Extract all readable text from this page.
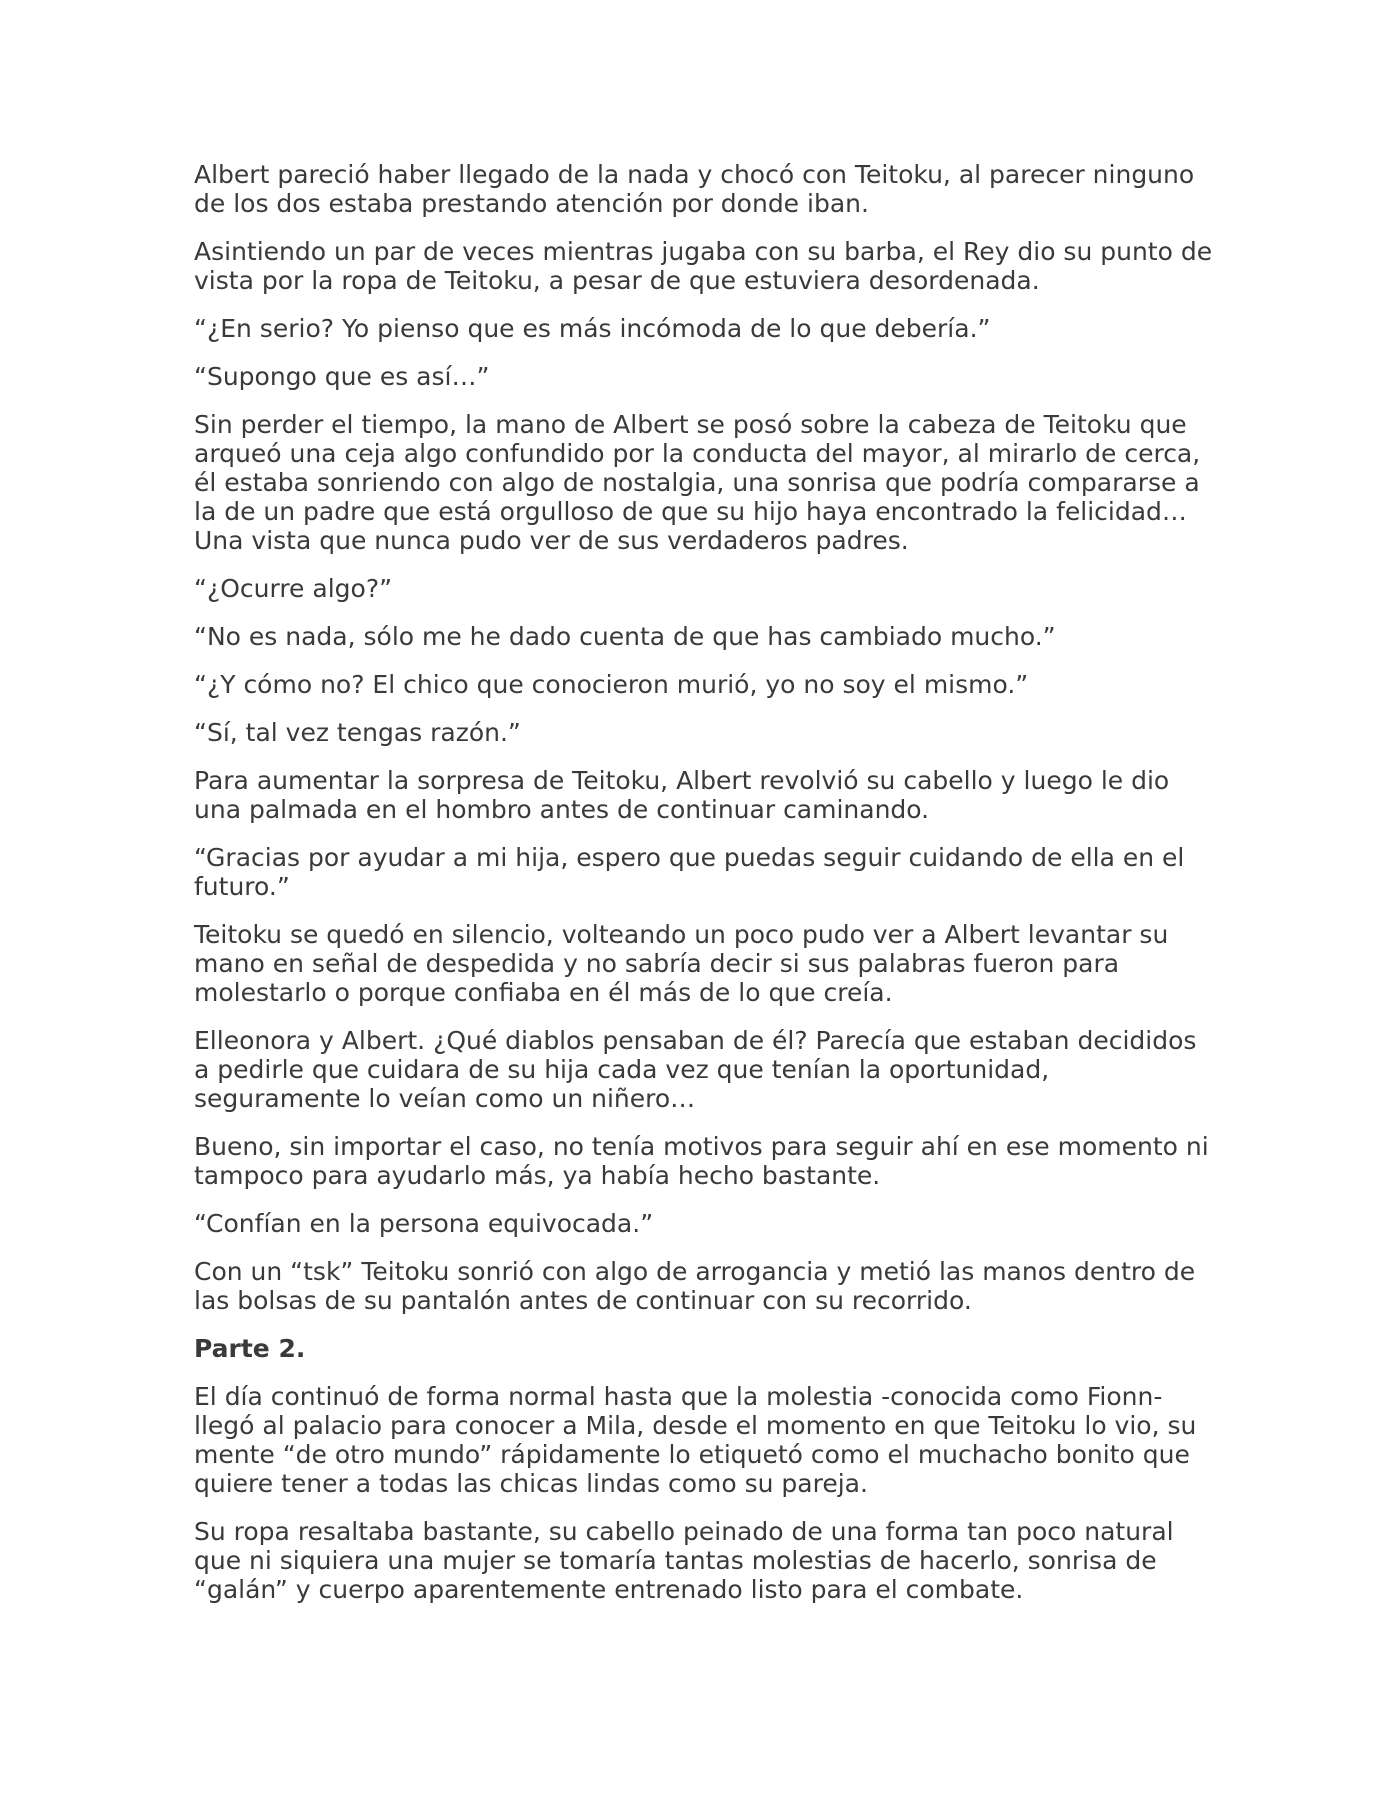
Albert pareció haber llegado de la nada y chocó con Teitoku, al parecer ninguno de los dos estaba prestando atención por donde iban.

Asintiendo un par de veces mientras jugaba con su barba, el Rey dio su punto de vista por la ropa de Teitoku, a pesar de que estuviera desordenada.

“¿En serio? Yo pienso que es más incómoda de lo que debería.”

“Supongo que es así…”

Sin perder el tiempo, la mano de Albert se posó sobre la cabeza de Teitoku que arqueó una ceja algo confundido por la conducta del mayor, al mirarlo de cerca, él estaba sonriendo con algo de nostalgia, una sonrisa que podría compararse a la de un padre que está orgulloso de que su hijo haya encontrado la felicidad… Una vista que nunca pudo ver de sus verdaderos padres.

“¿Ocurre algo?”

“No es nada, sólo me he dado cuenta de que has cambiado mucho.”

“¿Y cómo no? El chico que conocieron murió, yo no soy el mismo.”

“Sí, tal vez tengas razón.”

Para aumentar la sorpresa de Teitoku, Albert revolvió su cabello y luego le dio una palmada en el hombro antes de continuar caminando.

“Gracias por ayudar a mi hija, espero que puedas seguir cuidando de ella en el futuro.”

Teitoku se quedó en silencio, volteando un poco pudo ver a Albert levantar su mano en señal de despedida y no sabría decir si sus palabras fueron para molestarlo o porque confiaba en él más de lo que creía.

Elleonora y Albert. ¿Qué diablos pensaban de él? Parecía que estaban decididos a pedirle que cuidara de su hija cada vez que tenían la oportunidad, seguramente lo veían como un niñero…

Bueno, sin importar el caso, no tenía motivos para seguir ahí en ese momento ni tampoco para ayudarlo más, ya había hecho bastante.

“Confían en la persona equivocada.”

Con un “tsk” Teitoku sonrió con algo de arrogancia y metió las manos dentro de las bolsas de su pantalón antes de continuar con su recorrido.

Parte 2.

El día continuó de forma normal hasta que la molestia -conocida como Fionn- llegó al palacio para conocer a Mila, desde el momento en que Teitoku lo vio, su mente “de otro mundo” rápidamente lo etiquetó como el muchacho bonito que quiere tener a todas las chicas lindas como su pareja.

Su ropa resaltaba bastante, su cabello peinado de una forma tan poco natural que ni siquiera una mujer se tomaría tantas molestias de hacerlo, sonrisa de “galán” y cuerpo aparentemente entrenado listo para el combate.
